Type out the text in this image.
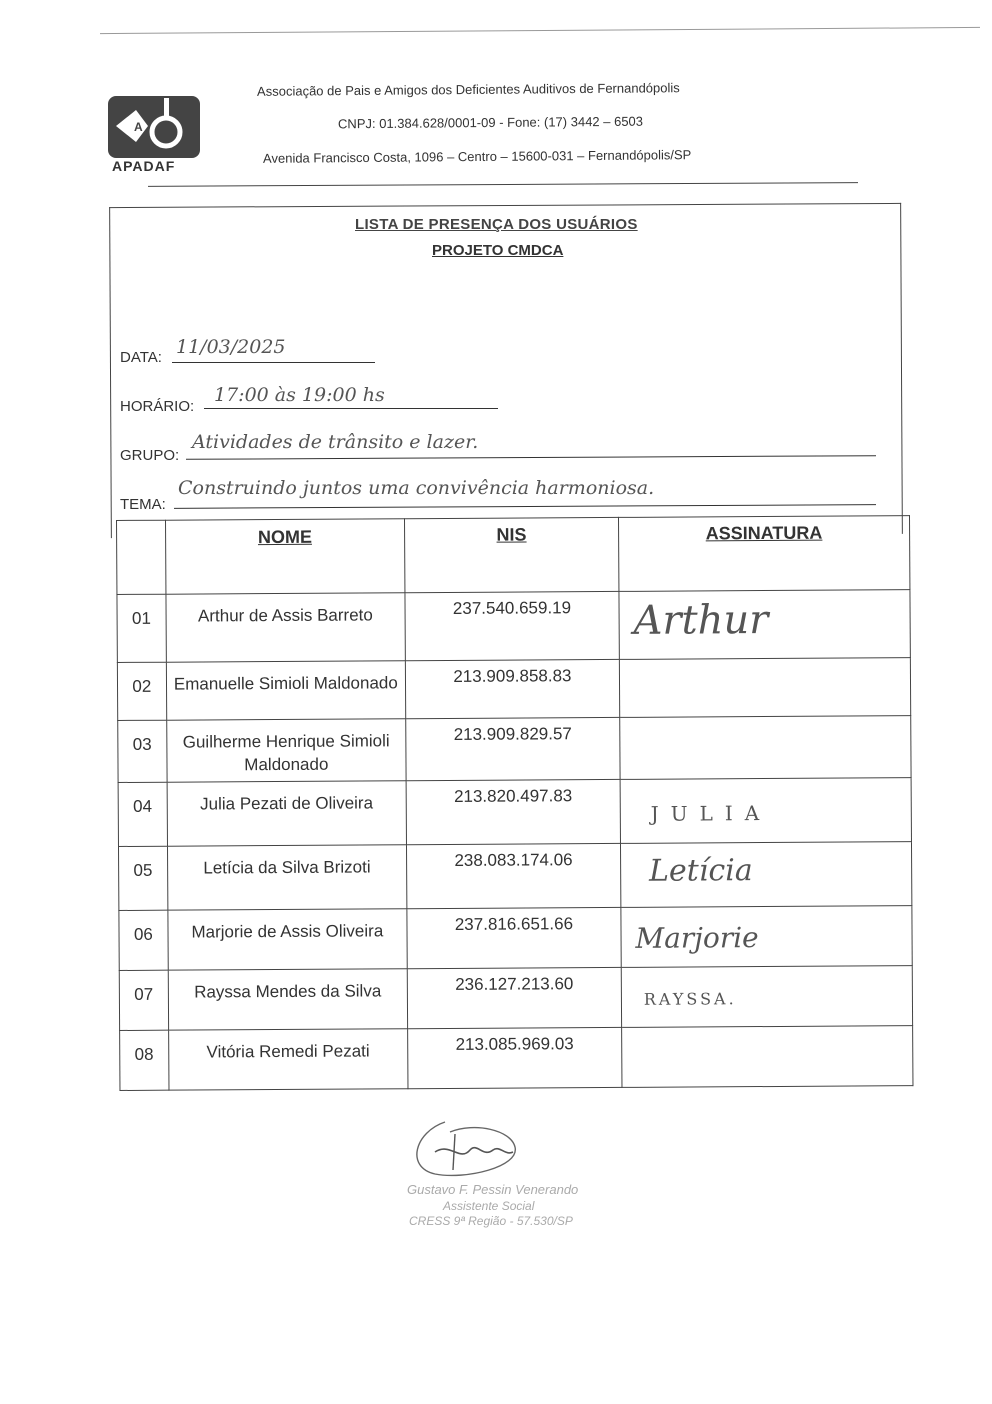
A
APADAF
Associação de Pais e Amigos dos Deficientes Auditivos de Fernandópolis
CNPJ: 01.384.628/0001-09 - Fone: (17) 3442 – 6503
Avenida Francisco Costa, 1096 – Centro – 15600-031 – Fernandópolis/SP
LISTA DE PRESENÇA DOS USUÁRIOS
PROJETO CMDCA
DATA: 11/03/2025
HORÁRIO:
17:00 às 19:00 hs
GRUPO:
Atividades de trânsito e lazer.
TEMA:
Construindo juntos uma convivência harmoniosa.
	NOME	NIS	ASSINATURA
01	Arthur de Assis Barreto	237.540.659.19	Arthur

02	Emanuelle Simioli Maldonado	213.909.858.83	

03	Guilherme Henrique Simioli Maldonado	213.909.829.57	

04	Julia Pezati de Oliveira	213.820.497.83	JULIA

05	Letícia da Silva Brizoti	238.083.174.06	Letícia

06	Marjorie de Assis Oliveira	237.816.651.66	Marjorie

07	Rayssa Mendes da Silva	236.127.213.60	RAYSSA.

08	Vitória Remedi Pezati	213.085.969.03	
Gustavo F. Pessin Venerando
Assistente Social
CRESS 9ª Região - 57.530/SP
